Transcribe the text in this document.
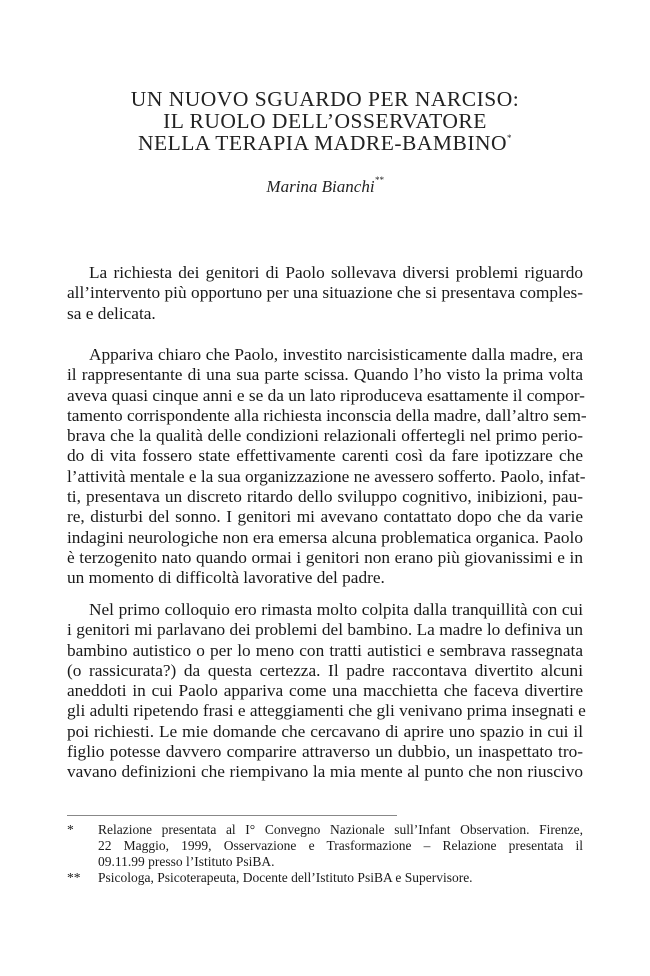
UN NUOVO SGUARDO PER NARCISO:
IL RUOLO DELL’OSSERVATORE
NELLA TERAPIA MADRE-BAMBINO*
Marina Bianchi**

La richiesta dei genitori di Paolo sollevava diversi problemi riguardo
all’intervento più opportuno per una situazione che si presentava comples-
sa e delicata.

Appariva chiaro che Paolo, investito narcisisticamente dalla madre, era
il rappresentante di una sua parte scissa. Quando l’ho visto la prima volta
aveva quasi cinque anni e se da un lato riproduceva esattamente il compor-
tamento corrispondente alla richiesta inconscia della madre, dall’altro sem-
brava che la qualità delle condizioni relazionali offertegli nel primo perio-
do di vita fossero state effettivamente carenti così da fare ipotizzare che
l’attività mentale e la sua organizzazione ne avessero sofferto. Paolo, infat-
ti, presentava un discreto ritardo dello sviluppo cognitivo, inibizioni, pau-
re, disturbi del sonno. I genitori mi avevano contattato dopo che da varie
indagini neurologiche non era emersa alcuna problematica organica. Paolo
è terzogenito nato quando ormai i genitori non erano più giovanissimi e in
un momento di difficoltà lavorative del padre.

Nel primo colloquio ero rimasta molto colpita dalla tranquillità con cui
i genitori mi parlavano dei problemi del bambino. La madre lo definiva un
bambino autistico o per lo meno con tratti autistici e sembrava rassegnata
(o rassicurata?) da questa certezza. Il padre raccontava divertito alcuni
aneddoti in cui Paolo appariva come una macchietta che faceva divertire
gli adulti ripetendo frasi e atteggiamenti che gli venivano prima insegnati e
poi richiesti. Le mie domande che cercavano di aprire uno spazio in cui il
figlio potesse davvero comparire attraverso un dubbio, un inaspettato tro-
vavano definizioni che riempivano la mia mente al punto che non riuscivo

*	Relazione presentata al I° Convegno Nazionale sull’Infant Observation. Firenze,
22 Maggio, 1999, Osservazione e Trasformazione – Relazione presentata il
09.11.99 presso l’Istituto PsiBA.
**	Psicologa, Psicoterapeuta, Docente dell’Istituto PsiBA e Supervisore.
